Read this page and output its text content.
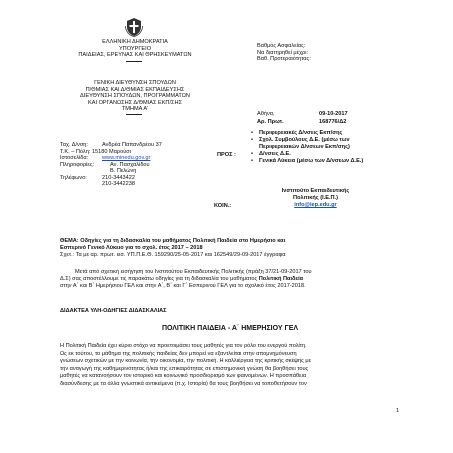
ΕΛΛΗΝΙΚΗ ΔΗΜΟΚΡΑΤΙΑ
ΥΠΟΥΡΓΕΙΟ
ΠΑΙΔΕΙΑΣ, ΕΡΕΥΝΑΣ ΚΑΙ ΘΡΗΣΚΕΥΜΑΤΩΝ
ΓΕΝΙΚΗ ΔΙΕΥΘΥΝΣΗ ΣΠΟΥΔΩΝ
Π/ΘΜΙΑΣ ΚΑΙ Δ/ΘΜΙΑΣ ΕΚΠΑΙΔΕΥΣΗΣ
ΔΙΕΥΘΥΝΣΗ ΣΠΟΥΔΩΝ, ΠΡΟΓΡΑΜΜΑΤΩΝ
ΚΑΙ ΟΡΓΑΝΩΣΗΣ Δ/ΘΜΙΑΣ ΕΚΠ/ΣΗΣ
ΤΜΗΜΑ Α'
Βαθμός Ασφαλείας:
Να διατηρηθεί μέχρι:
Βαθ. Προτεραιότητας:
Αθήνα,	09-10-2017
Αρ. Πρωτ.	168776/Δ2
Ταχ. Δ/νση:	Ανδρέα Παπανδρέου 37
Τ.Κ. – Πόλη: 15180 Μαρούσι
Ιστοσελίδα: www.minedu.gov.gr
Πληροφορίες:	Αν. Πασχαλίδου
Β. Πελώνη
Τηλέφωνο:	210-3443422
210-3442238
ΠΡΟΣ :
• Περιφερειακές Δ/νσεις Εκπ/σης
• Σχολ. Συμβούλους Δ.Ε. (μέσω των Περιφερειακών Δ/νσεων Εκπ/σης)
• Δ/νσεις Δ.Ε.
• Γενικά Λύκεια (μέσω των Δ/νσεων Δ.Ε.)
ΚΟΙΝ.:
Ινστιτούτο Εκπαιδευτικής
Πολιτικής (Ι.Ε.Π.)
info@iep.edu.gr
ΘΕΜΑ: Οδηγίες για τη διδασκαλία του μαθήματος Πολιτική Παιδεία στο Ημερήσιο και
Εσπερινό Γενικό Λύκειο για το σχολ. έτος 2017 – 2018
Σχετ.: Τα με αρ. πρωτ. εισ. ΥΠ.Π.Ε.Θ. 159290/25-05-2017 και 162549/29-09-2017 έγγραφα
Μετά από σχετική εισήγηση του Ινστιτούτου Εκπαιδευτικής Πολιτικής (πράξη 37/21-09-2017 του
Δ.Σ) σας αποστέλλουμε τις παρακάτω οδηγίες για τη διδασκαλία του μαθήματος Πολιτική Παιδεία
στην Α΄ και Β΄ Ημερήσιου ΓΕΛ και στην Α΄, Β΄ και Γ΄ Εσπερινού ΓΕΛ για το σχολικό έτος 2017-2018.
ΔΙΔΑΚΤΕΑ ΥΛΗ-ΟΔΗΓΙΕΣ ΔΙΔΑΣΚΑΛΙΑΣ
ΠΟΛΙΤΙΚΗ ΠΑΙΔΕΙΑ - Α΄ ΗΜΕΡΗΣΙΟΥ ΓΕΛ
Η Πολιτική Παιδεία έχει κύριο στόχο να προετοιμάσει τους μαθητές για τον ρόλο του ενεργού πολίτη.
Ως εκ τούτου, το μάθημα της πολιτικής παιδείας δεν μπορεί να εξαντλείται στην απομνημόνευση
γνώσεων σχετικών με την κοινωνία, την οικονομία, την πολιτική. Η καλλιέργεια της κριτικής σκέψης με
την αναγωγή της καθημερινότητας ή/και της επικαιρότητας σε επιστημονική γνώση θα βοηθήσει τους
μαθητές να κατανοήσουν τον ιστορικό και κοινωνικό προσδιορισμό των φαινομένων. Η προσπάθεια
διασύνδεσης με τα άλλα γνωστικά αντικείμενα (π.χ. Ιστορία) θα τους βοηθήσει να τοποθετήσουν τον
1
